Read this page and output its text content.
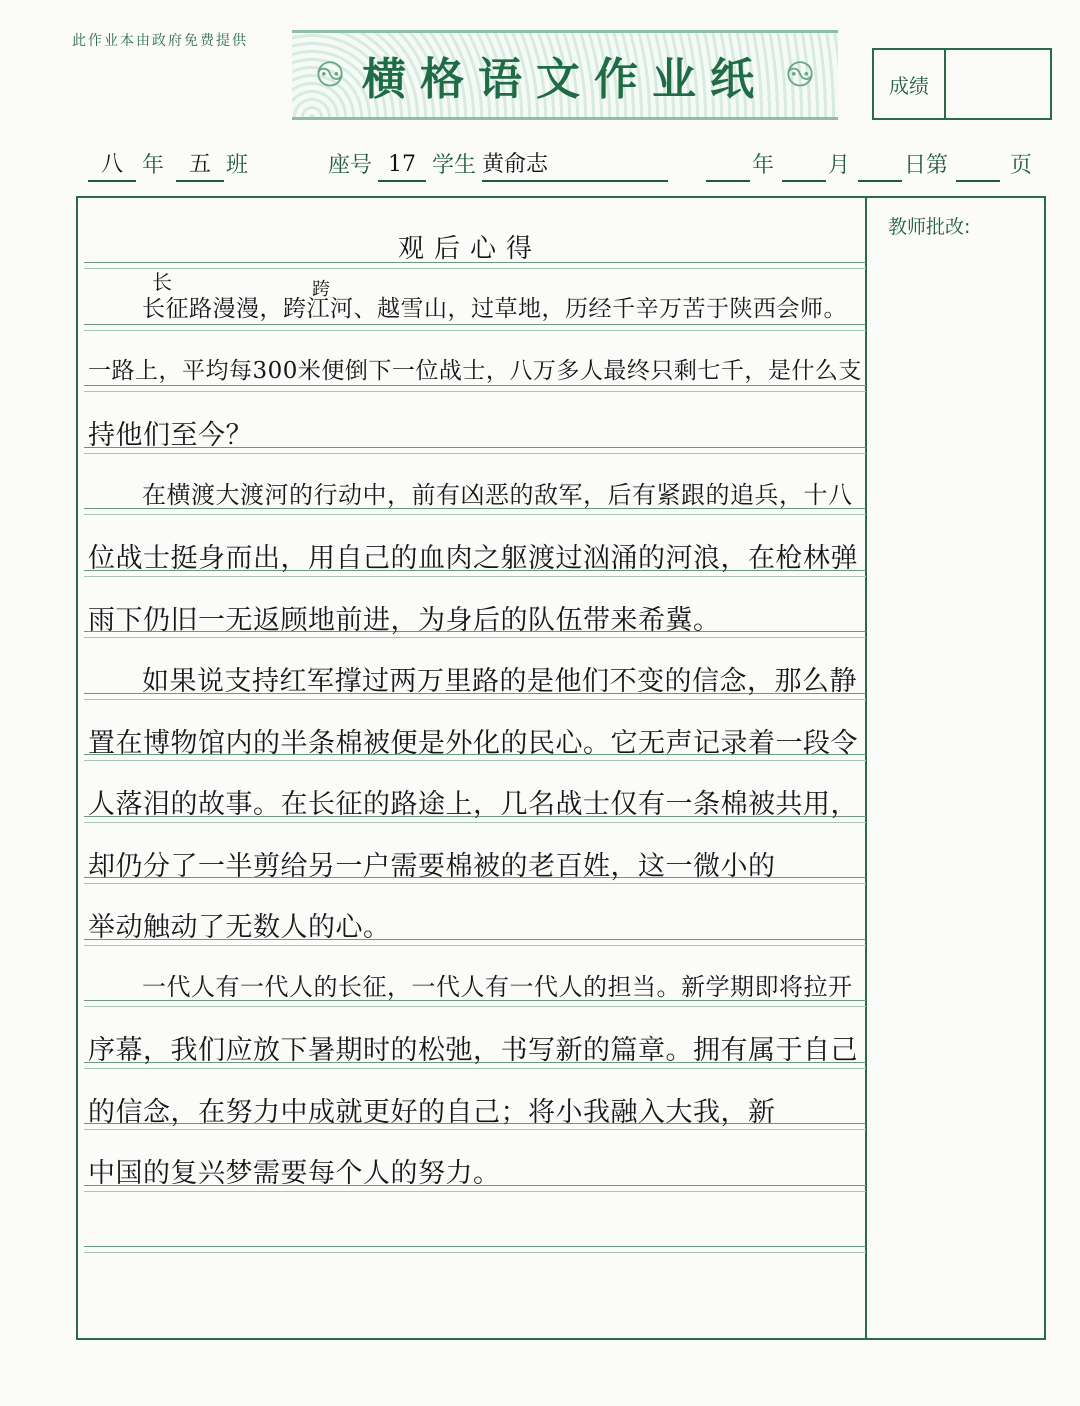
此作业本由政府免费提供
࿊ 横格语文作业纸 ࿊	成绩
八 年	五 班	座号 17 学生 黄俞志	年 月 日第	页
教师批改:
观后心得
长	跨
长征路漫漫，跨江河、越雪山，过草地，历经千辛万苦于陕西会师。
一路上，平均每300米便倒下一位战士，八万多人最终只剩七千，是什么支
持他们至今？
在横渡大渡河的行动中，前有凶恶的敌军，后有紧跟的追兵，十八
位战士挺身而出，用自己的血肉之躯渡过汹涌的河浪，在枪林弹
雨下仍旧一无返顾地前进，为身后的队伍带来希冀。
如果说支持红军撑过两万里路的是他们不变的信念，那么静
置在博物馆内的半条棉被便是外化的民心。它无声记录着一段令
人落泪的故事。在长征的路途上，几名战士仅有一条棉被共用，
却仍分了一半剪给另一户需要棉被的老百姓，这一微小的
举动触动了无数人的心。
一代人有一代人的长征，一代人有一代人的担当。新学期即将拉开
序幕，我们应放下暑期时的松弛，书写新的篇章。拥有属于自己
的信念，在努力中成就更好的自己；将小我融入大我，新
中国的复兴梦需要每个人的努力。
